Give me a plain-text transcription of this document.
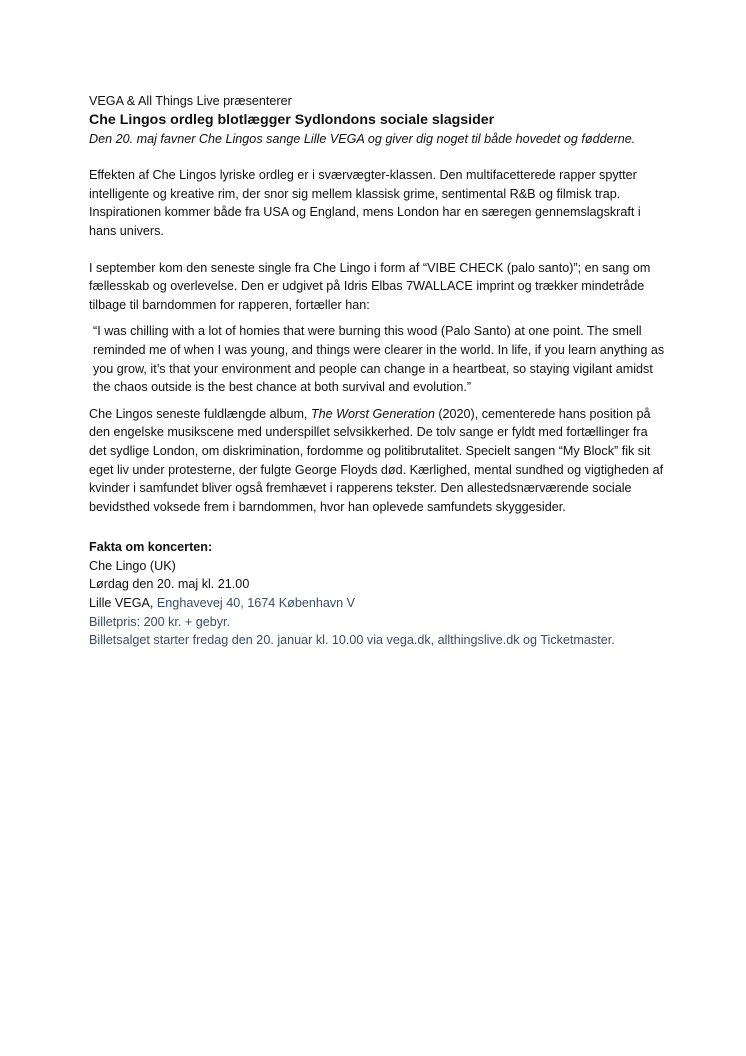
VEGA & All Things Live præsenterer

Che Lingos ordleg blotlægger Sydlondons sociale slagsider

Den 20. maj favner Che Lingos sange Lille VEGA og giver dig noget til både hovedet og fødderne.

Effekten af Che Lingos lyriske ordleg er i sværvægter-klassen. Den multifacetterede rapper spytter intelligente og kreative rim, der snor sig mellem klassisk grime, sentimental R&B og filmisk trap. Inspirationen kommer både fra USA og England, mens London har en særegen gennemslagskraft i hans univers.

I september kom den seneste single fra Che Lingo i form af “VIBE CHECK (palo santo)”; en sang om fællesskab og overlevelse. Den er udgivet på Idris Elbas 7WALLACE imprint og trækker mindetråde tilbage til barndommen for rapperen, fortæller han:

“I was chilling with a lot of homies that were burning this wood (Palo Santo) at one point. The smell reminded me of when I was young, and things were clearer in the world. In life, if you learn anything as you grow, it’s that your environment and people can change in a heartbeat, so staying vigilant amidst the chaos outside is the best chance at both survival and evolution.”

Che Lingos seneste fuldlængde album, The Worst Generation (2020), cementerede hans position på den engelske musikscene med underspillet selvsikkerhed. De tolv sange er fyldt med fortællinger fra det sydlige London, om diskrimination, fordomme og politibrutalitet. Specielt sangen “My Block” fik sit eget liv under protesterne, der fulgte George Floyds død. Kærlighed, mental sundhed og vigtigheden af kvinder i samfundet bliver også fremhævet i rapperens tekster. Den allestedsnærværende sociale bevidsthed voksede frem i barndommen, hvor han oplevede samfundets skyggesider.

Fakta om koncerten:

Che Lingo (UK)

Lørdag den 20. maj kl. 21.00

Lille VEGA, Enghavevej 40, 1674 København V

Billetpris: 200 kr. + gebyr.

Billetsalget starter fredag den 20. januar kl. 10.00 via vega.dk, allthingslive.dk og Ticketmaster.
